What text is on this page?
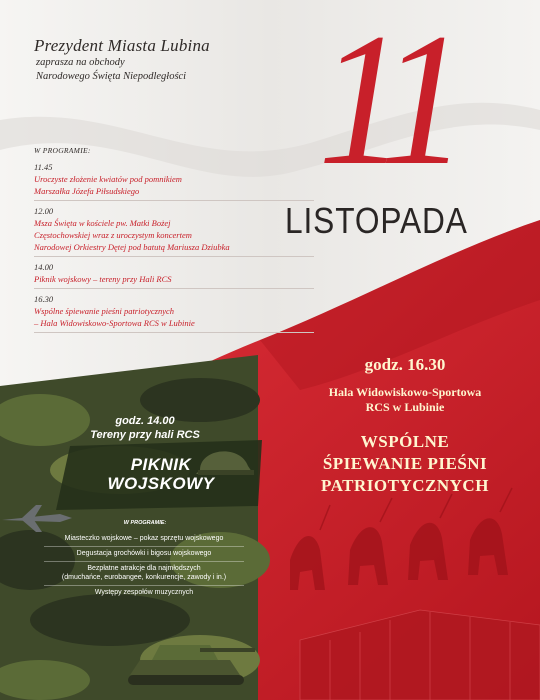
Prezydent Miasta Lubina
zaprasza na obchody
Narodowego Święta Niepodległości 11
LISTOPADA
W PROGRAMIE:
11.45
Uroczyste złożenie kwiatów pod pomnikiem
Marszałka Józefa Piłsudskiego
12.00
Msza Święta w kościele pw. Matki Bożej
Częstochowskiej wraz z uroczystym koncertem
Narodowej Orkiestry Dętej pod batutą Mariusza Dziubka
14.00
Piknik wojskowy – tereny przy Hali RCS
16.30
Wspólne śpiewanie pieśni patriotycznych
– Hala Widowiskowo-Sportowa RCS w Lubinie
godz. 16.30
Hala Widowiskowo-Sportowa
RCS w Lubinie
WSPÓLNE
ŚPIEWANIE PIEŚNI
PATRIOTYCZNYCH
godz. 14.00
Tereny przy hali RCS
PIKNIK
WOJSKOWY
W PROGRAMIE:
Miasteczko wojskowe – pokaz sprzętu wojskowego
Degustacja grochówki i bigosu wojskowego
Bezpłatne atrakcje dla najmłodszych
(dmuchańce, eurobangee, konkurencje, zawody i in.)
Występy zespołów muzycznych
